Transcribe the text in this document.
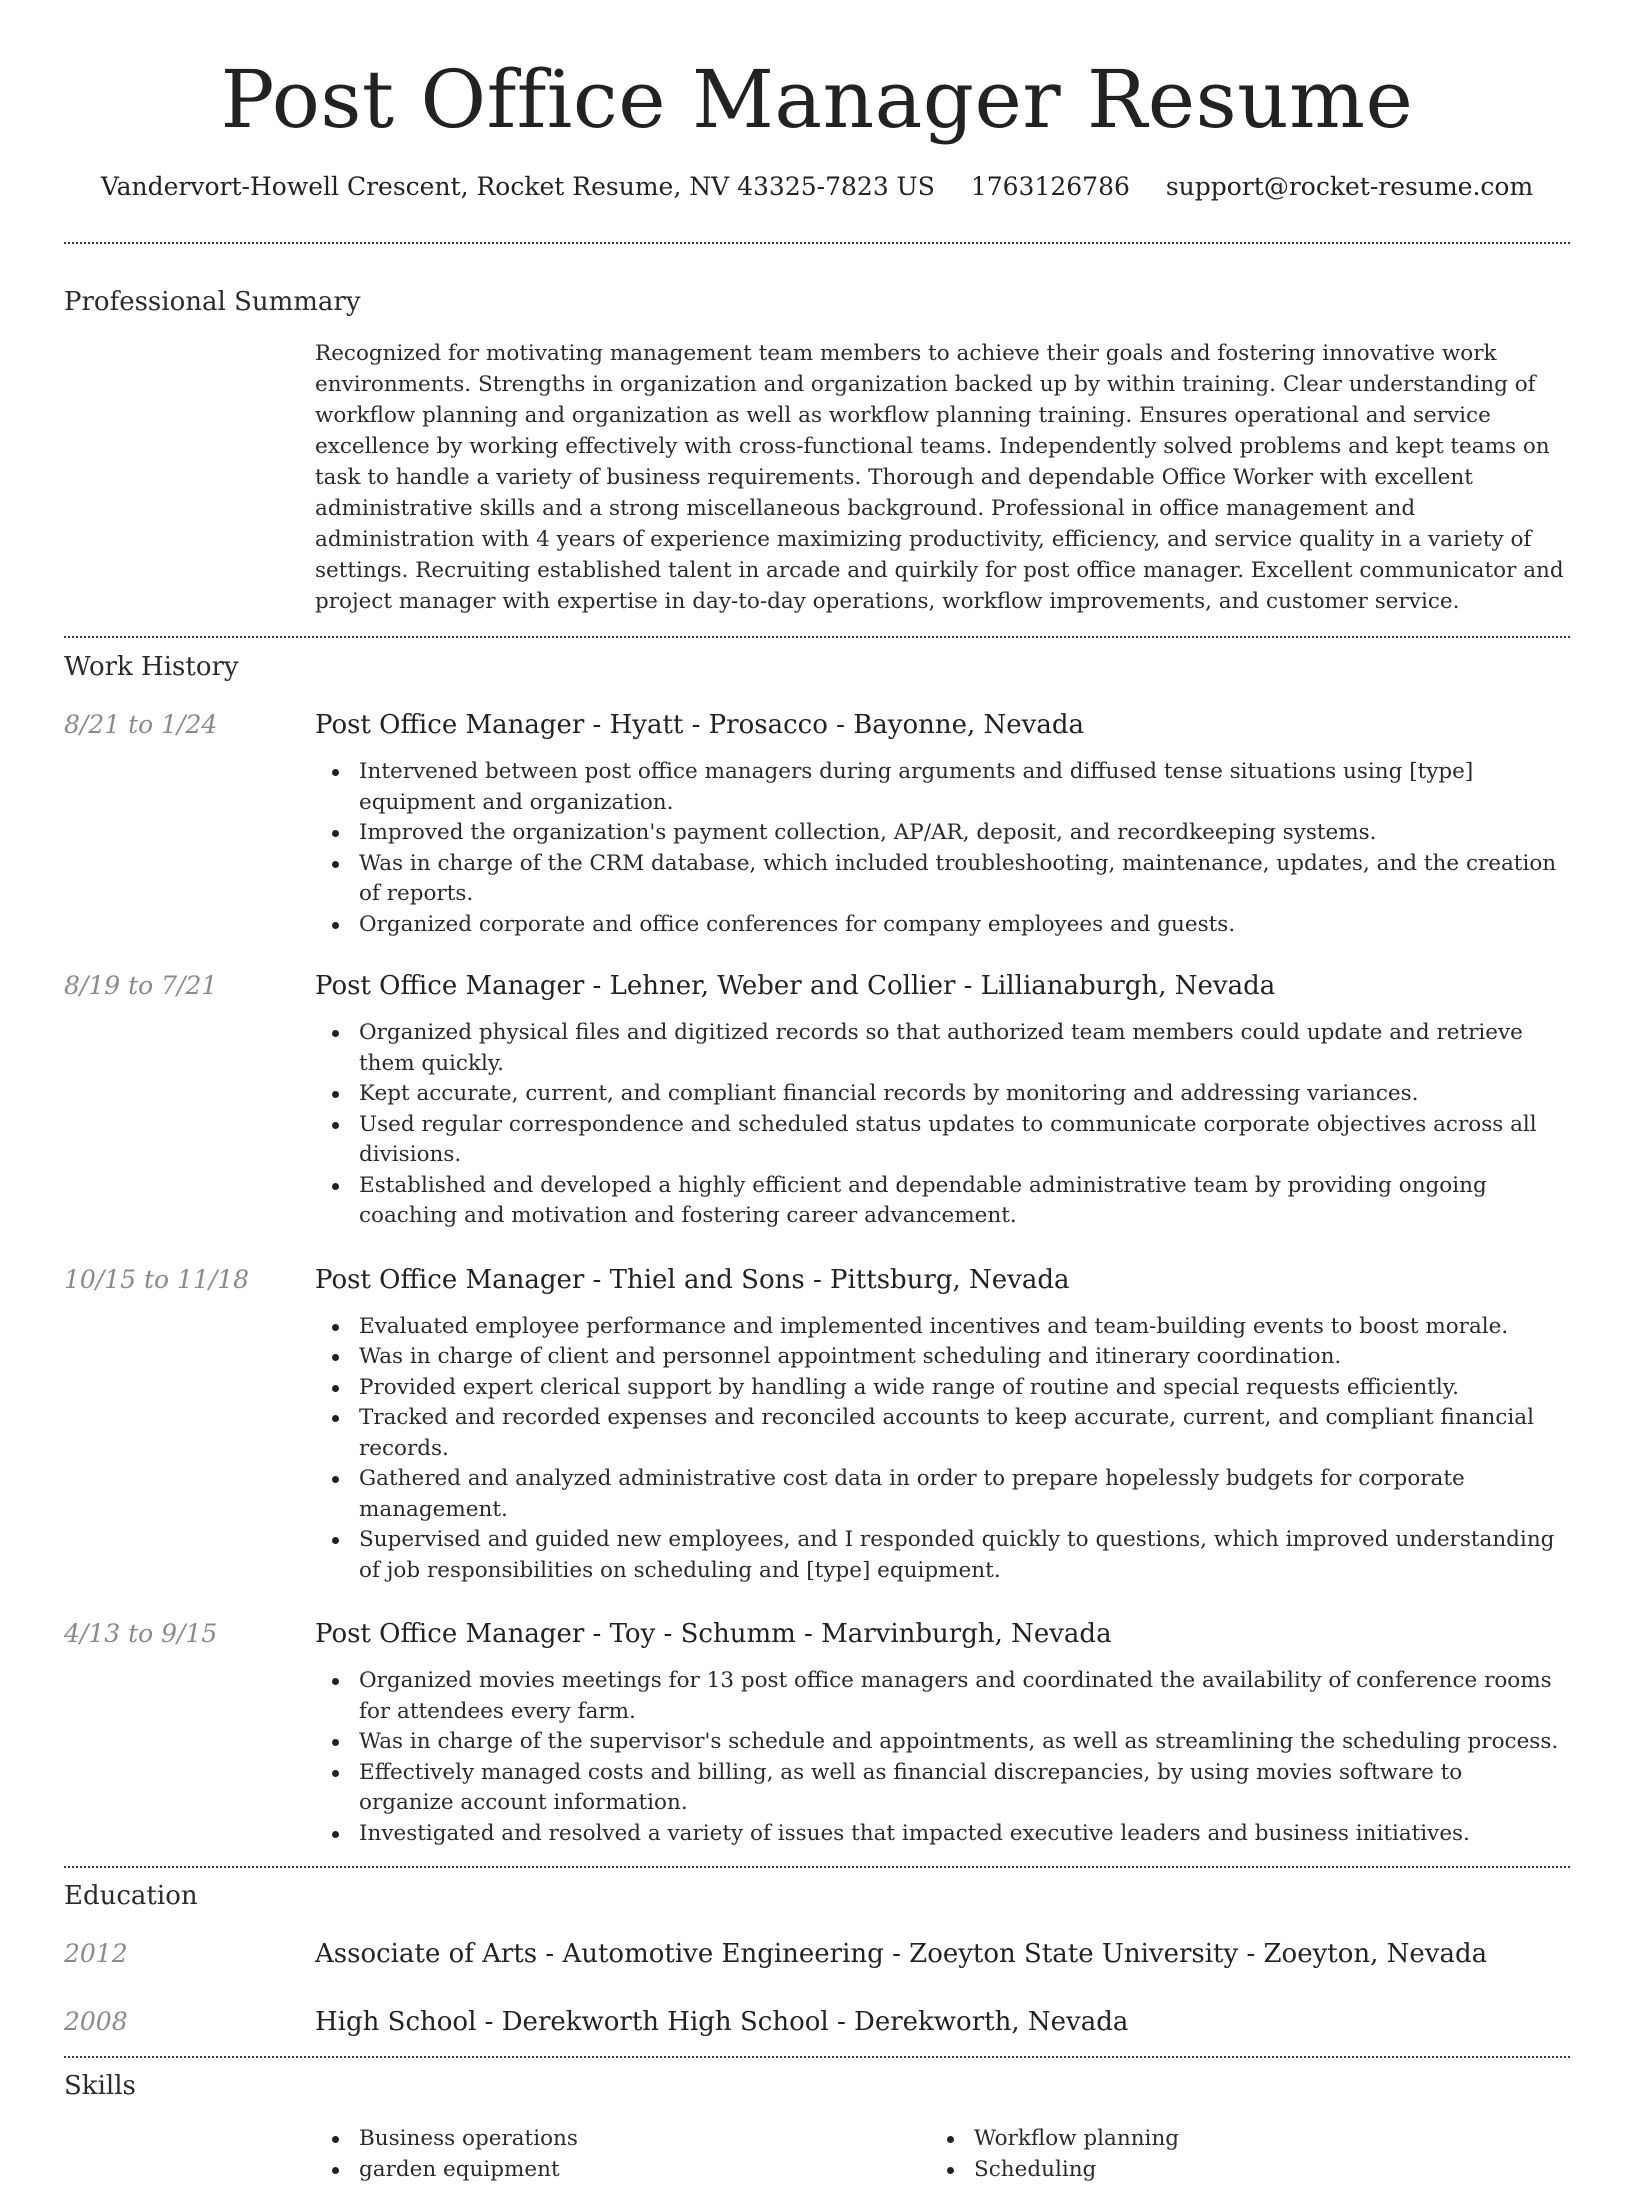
Post Office Manager Resume
Vandervort-Howell Crescent, Rocket Resume, NV 43325-7823 US 1763126786 support@rocket-resume.com
Professional Summary
Recognized for motivating management team members to achieve their goals and fostering innovative work environments. Strengths in organization and organization backed up by within training. Clear understanding of workflow planning and organization as well as workflow planning training. Ensures operational and service excellence by working effectively with cross-functional teams. Independently solved problems and kept teams on task to handle a variety of business requirements. Thorough and dependable Office Worker with excellent administrative skills and a strong miscellaneous background. Professional in office management and administration with 4 years of experience maximizing productivity, efficiency, and service quality in a variety of settings. Recruiting established talent in arcade and quirkily for post office manager. Excellent communicator and project manager with expertise in day-to-day operations, workflow improvements, and customer service.
Work History
8/21 to 1/24	Post Office Manager - Hyatt - Prosacco - Bayonne, Nevada
Intervened between post office managers during arguments and diffused tense situations using [type] equipment and organization.
Improved the organization's payment collection, AP/AR, deposit, and recordkeeping systems.
Was in charge of the CRM database, which included troubleshooting, maintenance, updates, and the creation of reports.
Organized corporate and office conferences for company employees and guests.
8/19 to 7/21	Post Office Manager - Lehner, Weber and Collier - Lillianaburgh, Nevada
Organized physical files and digitized records so that authorized team members could update and retrieve them quickly.
Kept accurate, current, and compliant financial records by monitoring and addressing variances.
Used regular correspondence and scheduled status updates to communicate corporate objectives across all divisions.
Established and developed a highly efficient and dependable administrative team by providing ongoing coaching and motivation and fostering career advancement.
10/15 to 11/18	Post Office Manager - Thiel and Sons - Pittsburg, Nevada
Evaluated employee performance and implemented incentives and team-building events to boost morale.
Was in charge of client and personnel appointment scheduling and itinerary coordination.
Provided expert clerical support by handling a wide range of routine and special requests efficiently.
Tracked and recorded expenses and reconciled accounts to keep accurate, current, and compliant financial records.
Gathered and analyzed administrative cost data in order to prepare hopelessly budgets for corporate management.
Supervised and guided new employees, and I responded quickly to questions, which improved understanding of job responsibilities on scheduling and [type] equipment.
4/13 to 9/15	Post Office Manager - Toy - Schumm - Marvinburgh, Nevada
Organized movies meetings for 13 post office managers and coordinated the availability of conference rooms for attendees every farm.
Was in charge of the supervisor's schedule and appointments, as well as streamlining the scheduling process.
Effectively managed costs and billing, as well as financial discrepancies, by using movies software to organize account information.
Investigated and resolved a variety of issues that impacted executive leaders and business initiatives.
Education
2012	Associate of Arts - Automotive Engineering - Zoeyton State University - Zoeyton, Nevada
2008	High School - Derekworth High School - Derekworth, Nevada
Skills
Business operations
garden equipment
Workflow planning
Scheduling
